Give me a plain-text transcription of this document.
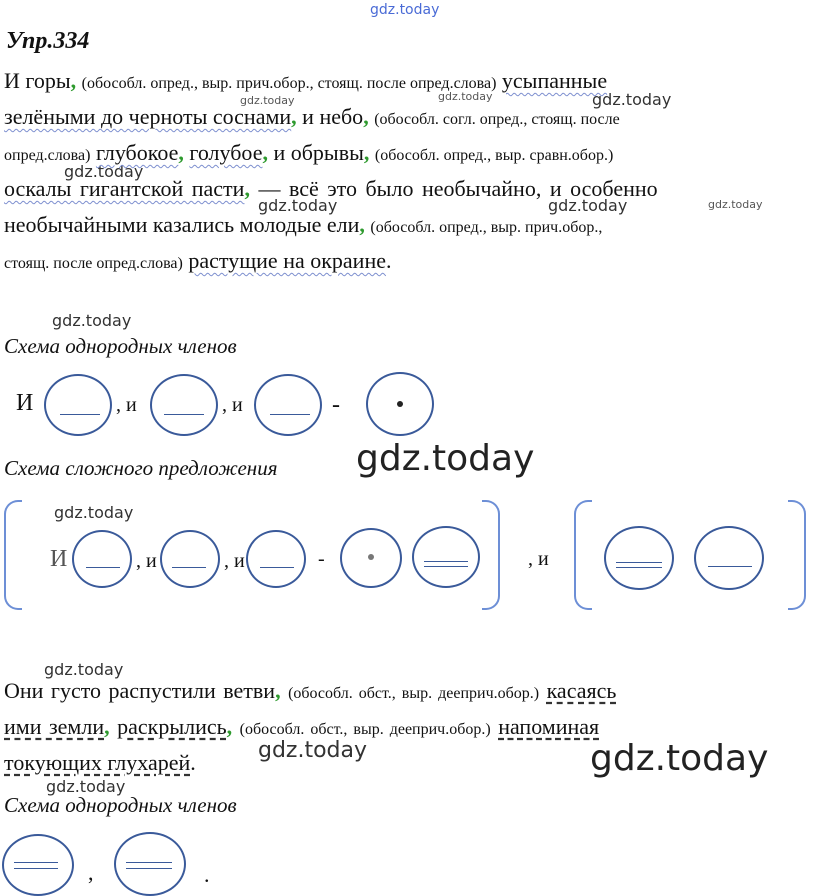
gdz.today
gdz.today	gdz.today	gdz.today
gdz.today
gdz.today	gdz.today	gdz.today
gdz.today
gdz.today
gdz.today
gdz.today
gdz.today	gdz.today
gdz.today
Упр.334
И горы, (обособл. опред., выр. прич.обор., стоящ. после опред.слова) усыпанные
зелёными до черноты соснами, и небо, (обособл. согл. опред., стоящ. после
опред.слова) глубокое, голубое, и обрывы, (обособл. опред., выр. сравн.обор.)
оскалы гигантской пасти, — всё это было необычайно, и особенно
необычайными казались молодые ели, (обособл. опред., выр. прич.обор.,
стоящ. после опред.слова) растущие на окраине.
Схема однородных членов
И	, и	, и	-
Схема сложного предложения
И	, и	, и	-	, и
Они густо распустили ветви, (обособл. обст., выр. дееприч.обор.) касаясь
ими земли, раскрылись, (обособл. обст., выр. дееприч.обор.) напоминая
токующих глухарей.
Схема однородных членов
,	.
